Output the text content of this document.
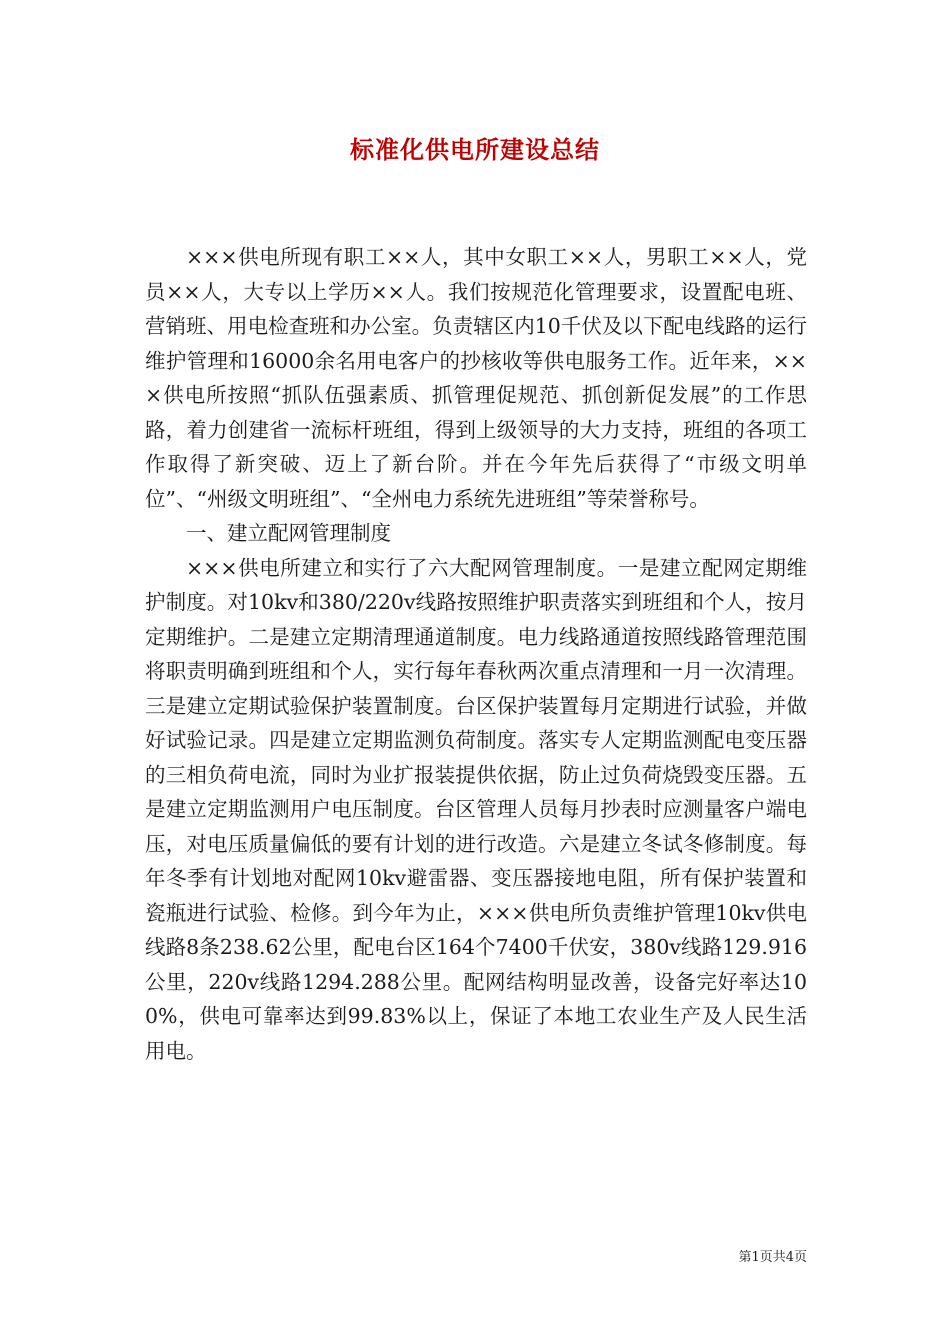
标准化供电所建设总结

×××供电所现有职工××人，其中女职工××人，男职工××人，党员××人，大专以上学历××人。我们按规范化管理要求，设置配电班、营销班、用电检查班和办公室。负责辖区内10千伏及以下配电线路的运行维护管理和16000余名用电客户的抄核收等供电服务工作。近年来，×××供电所按照“抓队伍强素质、抓管理促规范、抓创新促发展”的工作思路，着力创建省一流标杆班组，得到上级领导的大力支持，班组的各项工作取得了新突破、迈上了新台阶。并在今年先后获得了“市级文明单位”、“州级文明班组”、“全州电力系统先进班组”等荣誉称号。

一、建立配网管理制度

×××供电所建立和实行了六大配网管理制度。一是建立配网定期维护制度。对10kv和380/220v线路按照维护职责落实到班组和个人，按月定期维护。二是建立定期清理通道制度。电力线路通道按照线路管理范围将职责明确到班组和个人，实行每年春秋两次重点清理和一月一次清理。三是建立定期试验保护装置制度。台区保护装置每月定期进行试验，并做好试验记录。四是建立定期监测负荷制度。落实专人定期监测配电变压器的三相负荷电流，同时为业扩报装提供依据，防止过负荷烧毁变压器。五是建立定期监测用户电压制度。台区管理人员每月抄表时应测量客户端电压，对电压质量偏低的要有计划的进行改造。六是建立冬试冬修制度。每年冬季有计划地对配网10kv避雷器、变压器接地电阻，所有保护装置和瓷瓶进行试验、检修。到今年为止，×××供电所负责维护管理10kv供电线路8条238.62公里，配电台区164个7400千伏安，380v线路129.916公里，220v线路1294.288公里。配网结构明显改善，设备完好率达100%，供电可靠率达到99.83%以上，保证了本地工农业生产及人民生活用电。

第1页共4页
